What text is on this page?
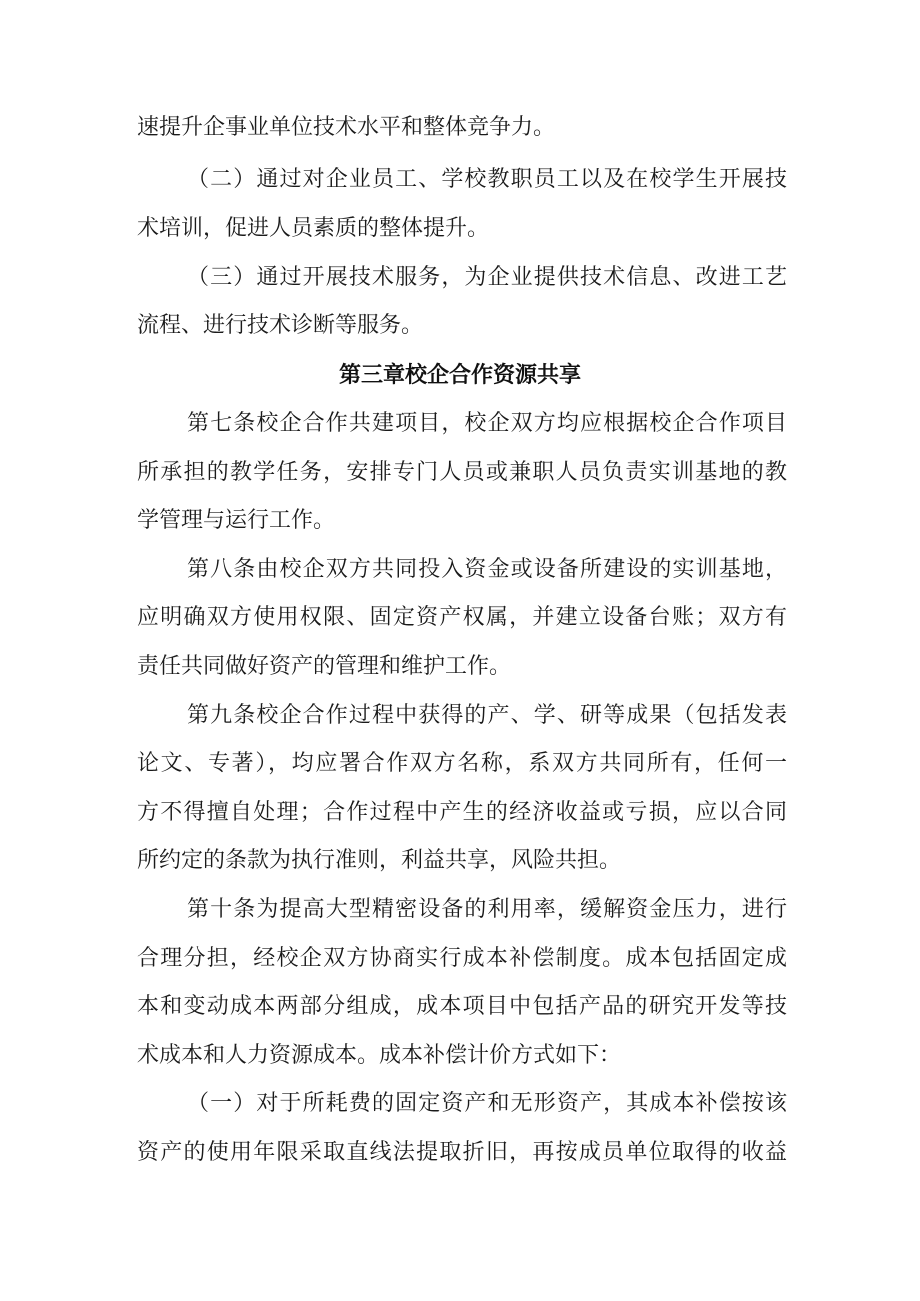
速提升企事业单位技术水平和整体竞争力。
（二）通过对企业员工、学校教职员工以及在校学生开展技
术培训，促进人员素质的整体提升。
（三）通过开展技术服务，为企业提供技术信息、改进工艺
流程、进行技术诊断等服务。
第三章校企合作资源共享
第七条校企合作共建项目，校企双方均应根据校企合作项目
所承担的教学任务，安排专门人员或兼职人员负责实训基地的教
学管理与运行工作。
第八条由校企双方共同投入资金或设备所建设的实训基地，
应明确双方使用权限、固定资产权属，并建立设备台账；双方有
责任共同做好资产的管理和维护工作。
第九条校企合作过程中获得的产、学、研等成果（包括发表
论文、专著），均应署合作双方名称，系双方共同所有，任何一
方不得擅自处理；合作过程中产生的经济收益或亏损，应以合同
所约定的条款为执行准则，利益共享，风险共担。
第十条为提高大型精密设备的利用率，缓解资金压力，进行
合理分担，经校企双方协商实行成本补偿制度。成本包括固定成
本和变动成本两部分组成，成本项目中包括产品的研究开发等技
术成本和人力资源成本。成本补偿计价方式如下：
（一）对于所耗费的固定资产和无形资产，其成本补偿按该
资产的使用年限采取直线法提取折旧，再按成员单位取得的收益
